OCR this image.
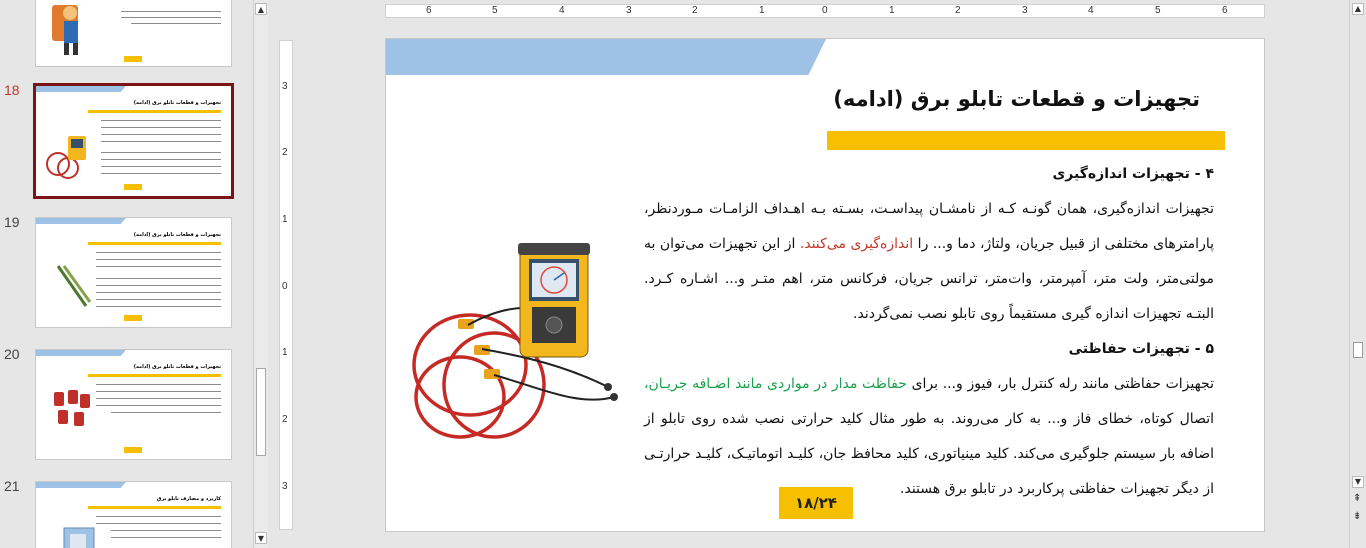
18
تجهیزات و قطعات تابلو برق (ادامه)
19
تجهیزات و قطعات تابلو برق (ادامه)
20
تجهیزات و قطعات تابلو برق (ادامه)
21
کاربرد و مصارف تابلو برق
▲
▼
6	5	4	3	2	1	0	1	2	3	4	5	6
3
2
1
0
1
2
3
تجهیزات و قطعات تابلو برق (ادامه)

۴ - تجهیزات اندازه‌گیری

تجهیزات اندازه‌گیری، همان گونـه کـه از نامشـان پیداسـت، بسـته بـه اهـداف الزامـات مـوردنظر، پارامترهای مختلفی از قبیل جریان، ولتاژ، دما و... را اندازه‌گیری می‌کنند. از این تجهیزات می‌توان به مولتی‌متر، ولت متر، آمپرمتر، وات‌متر، ترانس جریان، فرکانس متر، اهم متـر و... اشـاره کـرد. البتـه تجهیزات اندازه گیری مستقیماً روی تابلو نصب نمی‌گردند.

۵ - تجهیزات حفاظتی

تجهیزات حفاظتی مانند رله کنترل بار، فیوز و... برای حفاظت مدار در مواردی مانند اضـافه جریـان، اتصال کوتاه، خطای فاز و... به کار می‌روند. به طور مثال کلید حرارتی نصب شده روی تابلو از اضافه بار سیستم جلوگیری می‌کند. کلید مینیاتوری، کلید محافظ جان، کلیـد اتوماتیـک، کلیـد حرارتـی از دیگر تجهیزات حفاظتی پرکاربرد در تابلو برق هستند.

۱۸/۲۴
▲
▼
⇞
⇟
